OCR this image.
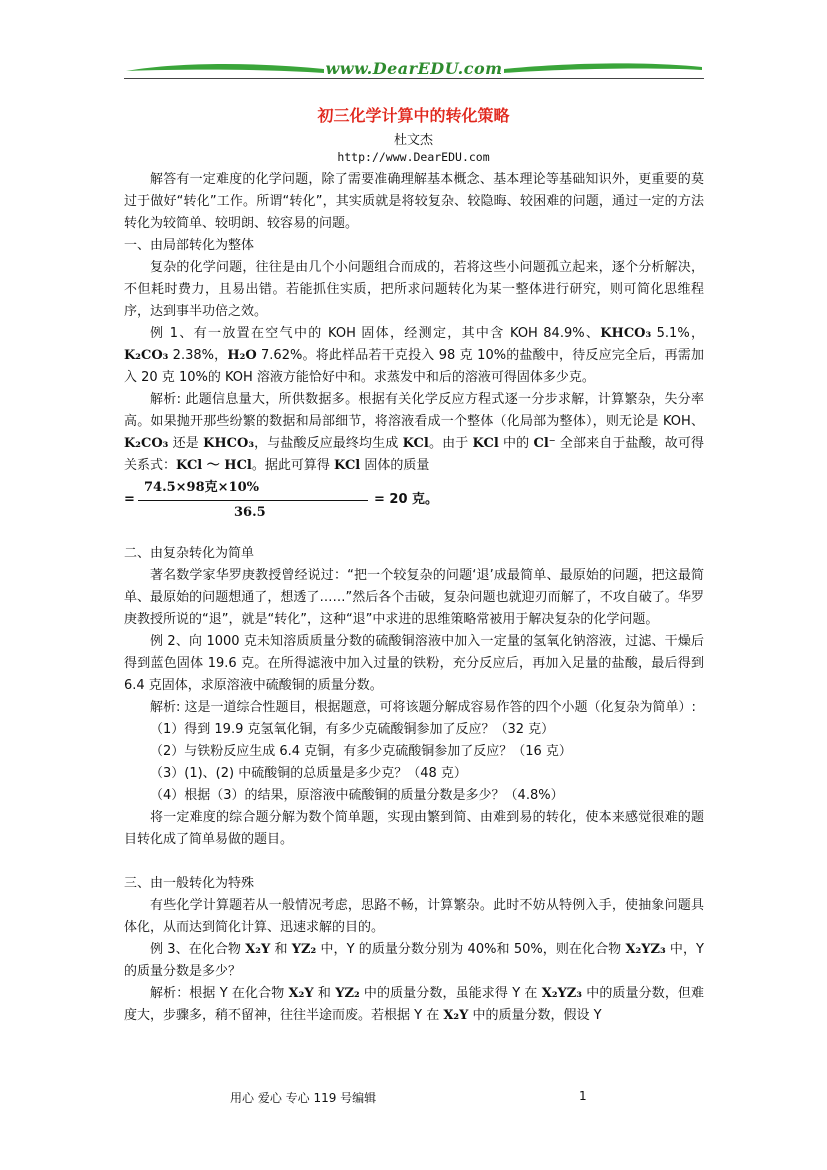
www.DearEDU.com
初三化学计算中的转化策略
杜文杰
http://www.DearEDU.com

解答有一定难度的化学问题，除了需要准确理解基本概念、基本理论等基础知识外，更重要的莫过于做好“转化”工作。所谓“转化”，其实质就是将较复杂、较隐晦、较困难的问题，通过一定的方法转化为较简单、较明朗、较容易的问题。

一、由局部转化为整体

复杂的化学问题，往往是由几个小问题组合而成的，若将这些小问题孤立起来，逐个分析解决，不但耗时费力，且易出错。若能抓住实质，把所求问题转化为某一整体进行研究，则可简化思维程序，达到事半功倍之效。

例 1、有一放置在空气中的 KOH 固体，经测定，其中含 KOH 84.9%、KHCO₃ 5.1%，K₂CO₃ 2.38%，H₂O 7.62%。将此样品若干克投入 98 克 10%的盐酸中，待反应完全后，再需加入 20 克 10%的 KOH 溶液方能恰好中和。求蒸发中和后的溶液可得固体多少克。

解析: 此题信息量大，所供数据多。根据有关化学反应方程式逐一分步求解，计算繁杂，失分率高。如果抛开那些纷繁的数据和局部细节，将溶液看成一个整体（化局部为整体），则无论是 KOH、K₂CO₃ 还是 KHCO₃，与盐酸反应最终均生成 KCl。由于 KCl 中的 Cl⁻ 全部来自于盐酸，故可得关系式：KCl ～ HCl。据此可算得 KCl 固体的质量

=
74.5×98克×10%
36.5
= 20 克。

二、由复杂转化为简单

著名数学家华罗庚教授曾经说过：“把一个较复杂的问题‘退’成最简单、最原始的问题，把这最简单、最原始的问题想通了，想透了……”然后各个击破，复杂问题也就迎刃而解了，不攻自破了。华罗庚教授所说的“退”，就是“转化”，这种“退”中求进的思维策略常被用于解决复杂的化学问题。

例 2、向 1000 克未知溶质质量分数的硫酸铜溶液中加入一定量的氢氧化钠溶液，过滤、干燥后得到蓝色固体 19.6 克。在所得滤液中加入过量的铁粉，充分反应后，再加入足量的盐酸，最后得到 6.4 克固体，求原溶液中硫酸铜的质量分数。

解析: 这是一道综合性题目，根据题意，可将该题分解成容易作答的四个小题（化复杂为简单）:

（1）得到 19.9 克氢氧化铜，有多少克硫酸铜参加了反应？（32 克）

（2）与铁粉反应生成 6.4 克铜，有多少克硫酸铜参加了反应？（16 克）

（3）(1)、(2) 中硫酸铜的总质量是多少克？（48 克）

（4）根据（3）的结果，原溶液中硫酸铜的质量分数是多少？（4.8%）

将一定难度的综合题分解为数个简单题，实现由繁到简、由难到易的转化，使本来感觉很难的题目转化成了简单易做的题目。

三、由一般转化为特殊

有些化学计算题若从一般情况考虑，思路不畅，计算繁杂。此时不妨从特例入手，使抽象问题具体化，从而达到简化计算、迅速求解的目的。

例 3、在化合物 X₂Y 和 YZ₂ 中，Y 的质量分数分别为 40%和 50%，则在化合物 X₂YZ₃ 中，Y 的质量分数是多少？

解析：根据 Y 在化合物 X₂Y 和 YZ₂ 中的质量分数，虽能求得 Y 在 X₂YZ₃ 中的质量分数，但难度大，步骤多，稍不留神，往往半途而废。若根据 Y 在 X₂Y 中的质量分数，假设 Y

用心 爱心 专心 119 号编辑	1
